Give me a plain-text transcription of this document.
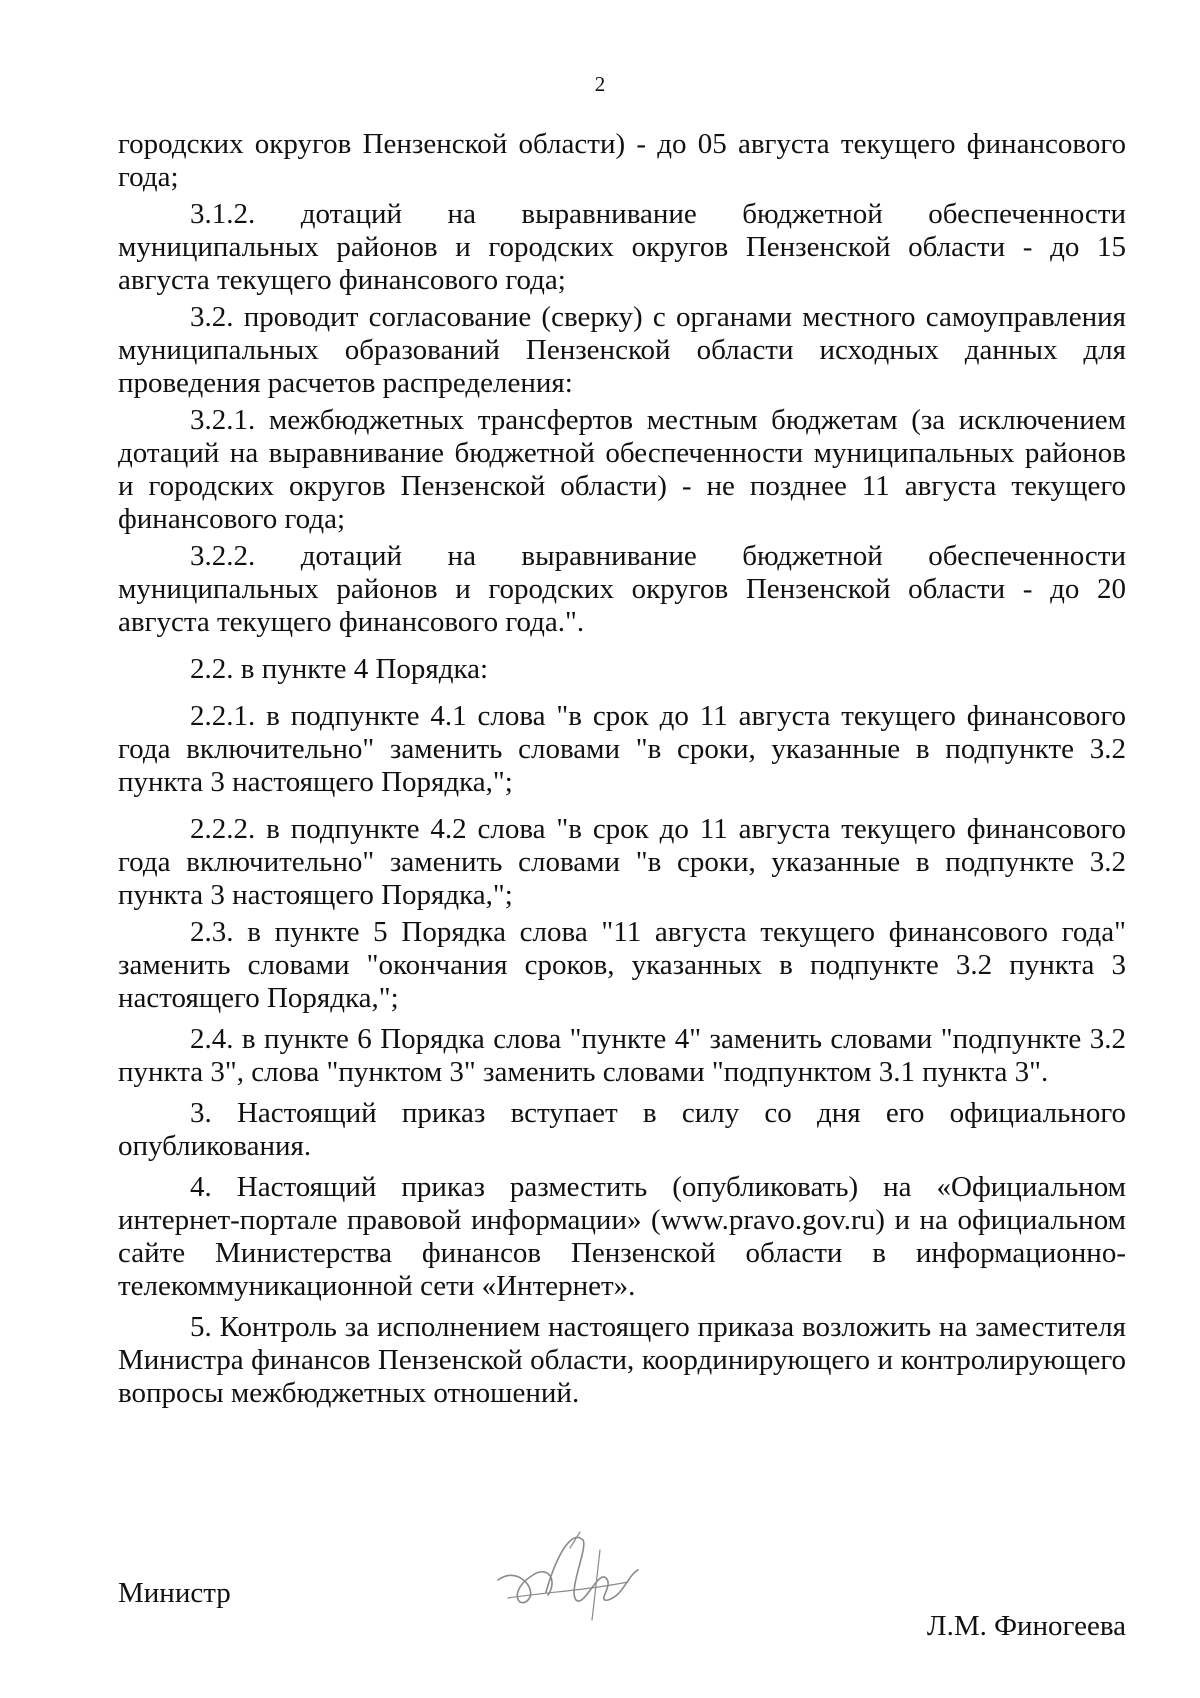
2

городских округов Пензенской области) - до 05 августа текущего финансового года;

3.1.2. дотаций на выравнивание бюджетной обеспеченности муниципальных районов и городских округов Пензенской области - до 15 августа текущего финансового года;

3.2. проводит согласование (сверку) с органами местного самоуправления муниципальных образований Пензенской области исходных данных для проведения расчетов распределения:

3.2.1. межбюджетных трансфертов местным бюджетам (за исключением дотаций на выравнивание бюджетной обеспеченности муниципальных районов и городских округов Пензенской области) - не позднее 11 августа текущего финансового года;

3.2.2. дотаций на выравнивание бюджетной обеспеченности муниципальных районов и городских округов Пензенской области - до 20 августа текущего финансового года.".

2.2. в пункте 4 Порядка:

2.2.1. в подпункте 4.1 слова "в срок до 11 августа текущего финансового года включительно" заменить словами "в сроки, указанные в подпункте 3.2 пункта 3 настоящего Порядка,";

2.2.2. в подпункте 4.2 слова "в срок до 11 августа текущего финансового года включительно" заменить словами "в сроки, указанные в подпункте 3.2 пункта 3 настоящего Порядка,";

2.3. в пункте 5 Порядка слова "11 августа текущего финансового года" заменить словами "окончания сроков, указанных в подпункте 3.2 пункта 3 настоящего Порядка,";

2.4. в пункте 6 Порядка слова "пункте 4" заменить словами "подпункте 3.2 пункта 3", слова "пунктом 3" заменить словами "подпунктом 3.1 пункта 3".

3. Настоящий приказ вступает в силу со дня его официального опубликования.

4. Настоящий приказ разместить (опубликовать) на «Официальном интернет-портале правовой информации» (www.pravo.gov.ru) и на официальном сайте Министерства финансов Пензенской области в информационно-телекоммуникационной сети «Интернет».

5. Контроль за исполнением настоящего приказа возложить на заместителя Министра финансов Пензенской области, координирующего и контролирующего вопросы межбюджетных отношений.

Министр
Л.М. Финогеева
